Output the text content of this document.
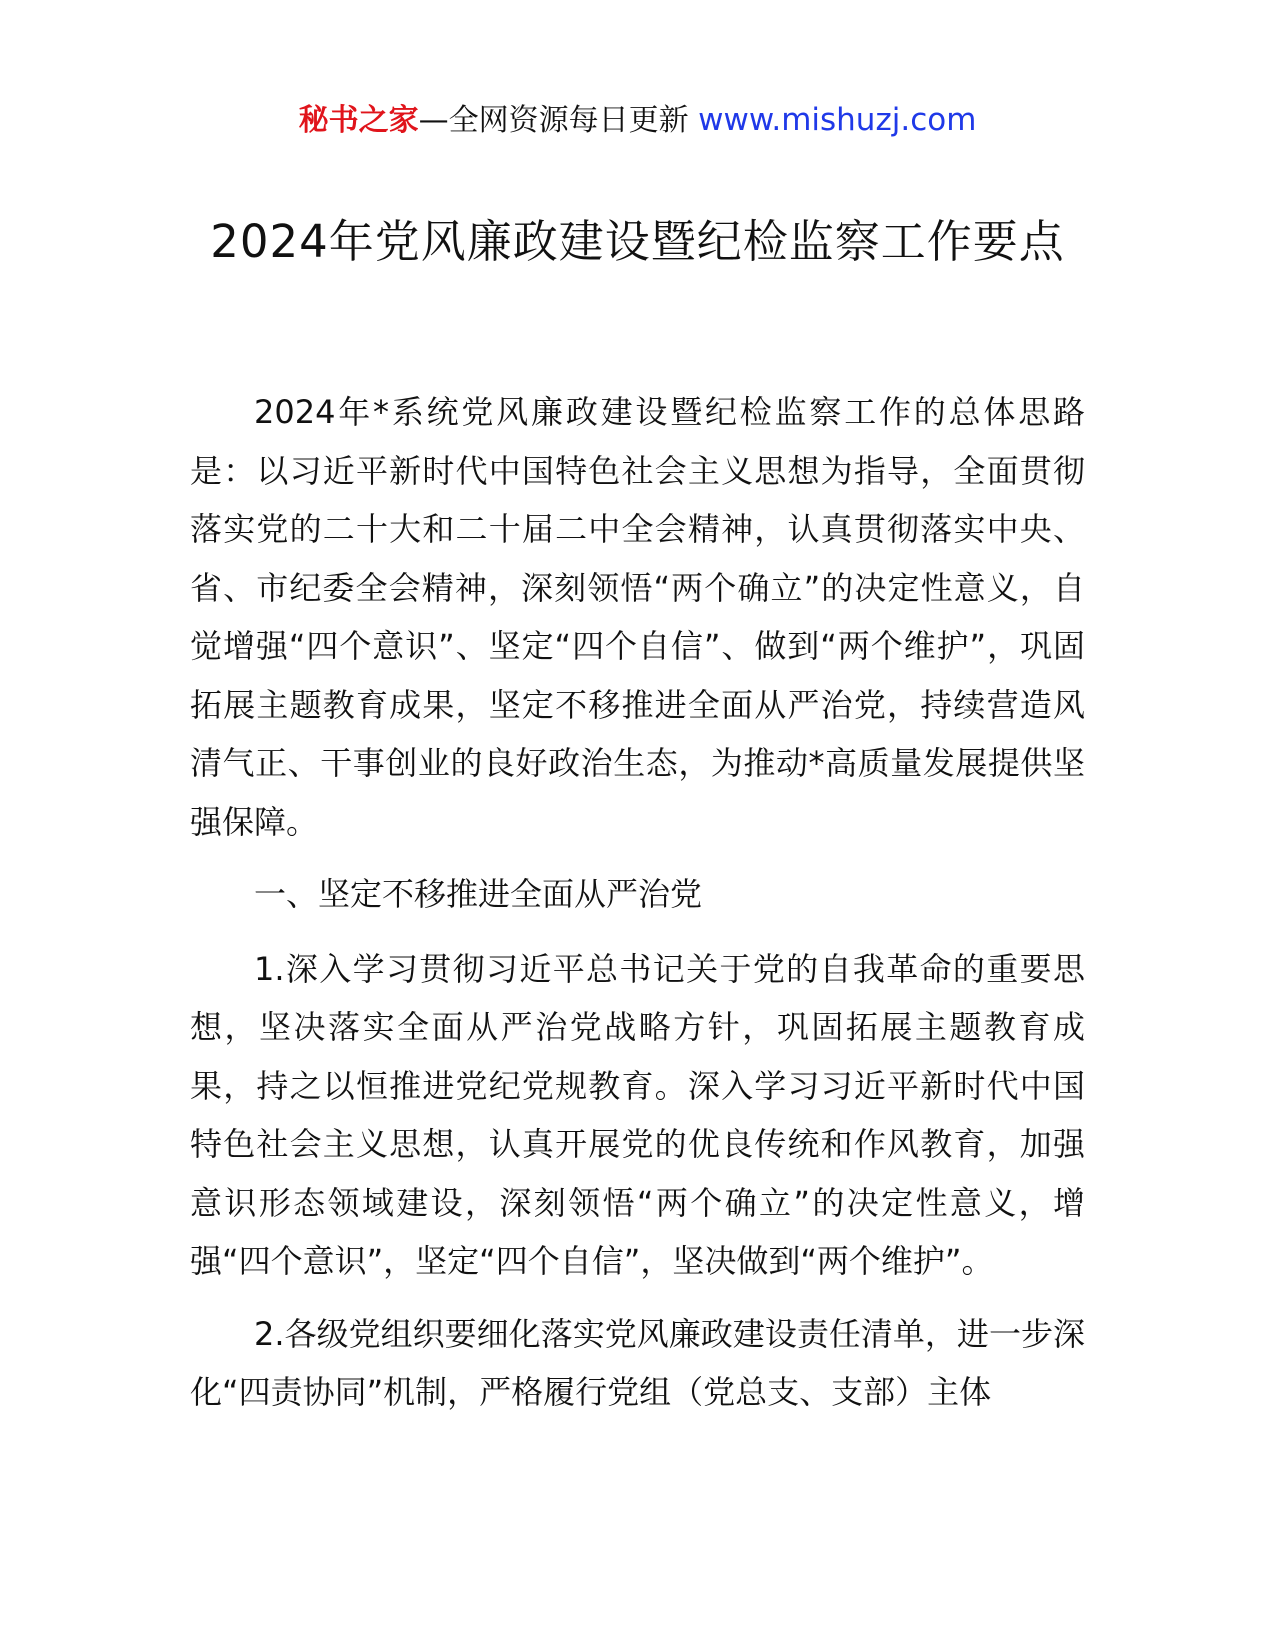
秘书之家—全网资源每日更新 www.mishuzj.com
2024年党风廉政建设暨纪检监察工作要点

2024年*系统党风廉政建设暨纪检监察工作的总体思路是：以习近平新时代中国特色社会主义思想为指导，全面贯彻落实党的二十大和二十届二中全会精神，认真贯彻落实中央、省、市纪委全会精神，深刻领悟“两个确立”的决定性意义，自觉增强“四个意识”、坚定“四个自信”、做到“两个维护”，巩固拓展主题教育成果，坚定不移推进全面从严治党，持续营造风清气正、干事创业的良好政治生态，为推动*高质量发展提供坚强保障。

一、坚定不移推进全面从严治党

1.深入学习贯彻习近平总书记关于党的自我革命的重要思想，坚决落实全面从严治党战略方针，巩固拓展主题教育成果，持之以恒推进党纪党规教育。深入学习习近平新时代中国特色社会主义思想，认真开展党的优良传统和作风教育，加强意识形态领域建设，深刻领悟“两个确立”的决定性意义，增强“四个意识”，坚定“四个自信”，坚决做到“两个维护”。

2.各级党组织要细化落实党风廉政建设责任清单，进一步深化“四责协同”机制，严格履行党组（党总支、支部）主体
